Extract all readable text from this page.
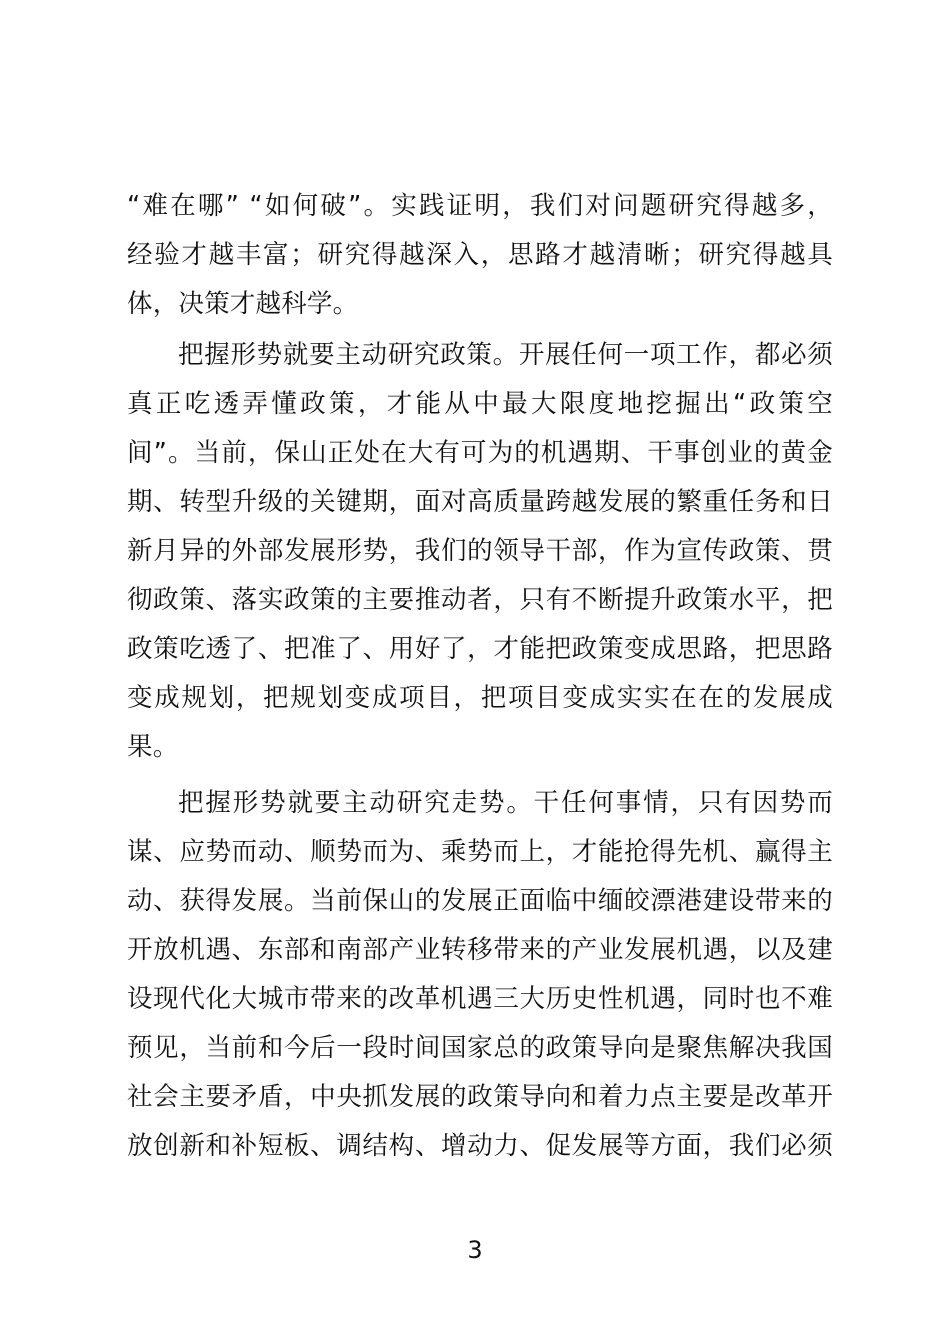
“难在哪” “如何破”。实践证明，我们对问题研究得越多，
经验才越丰富；研究得越深入，思路才越清晰；研究得越具
体，决策才越科学。
把握形势就要主动研究政策。开展任何一项工作，都必须
真正吃透弄懂政策，才能从中最大限度地挖掘出“政策空
间”。当前，保山正处在大有可为的机遇期、干事创业的黄金
期、转型升级的关键期，面对高质量跨越发展的繁重任务和日
新月异的外部发展形势，我们的领导干部，作为宣传政策、贯
彻政策、落实政策的主要推动者，只有不断提升政策水平，把
政策吃透了、把准了、用好了，才能把政策变成思路，把思路
变成规划，把规划变成项目，把项目变成实实在在的发展成
果。
把握形势就要主动研究走势。干任何事情，只有因势而
谋、应势而动、顺势而为、乘势而上，才能抢得先机、赢得主
动、获得发展。当前保山的发展正面临中缅皎漂港建设带来的
开放机遇、东部和南部产业转移带来的产业发展机遇，以及建
设现代化大城市带来的改革机遇三大历史性机遇，同时也不难
预见，当前和今后一段时间国家总的政策导向是聚焦解决我国
社会主要矛盾，中央抓发展的政策导向和着力点主要是改革开
放创新和补短板、调结构、增动力、促发展等方面，我们必须
3
